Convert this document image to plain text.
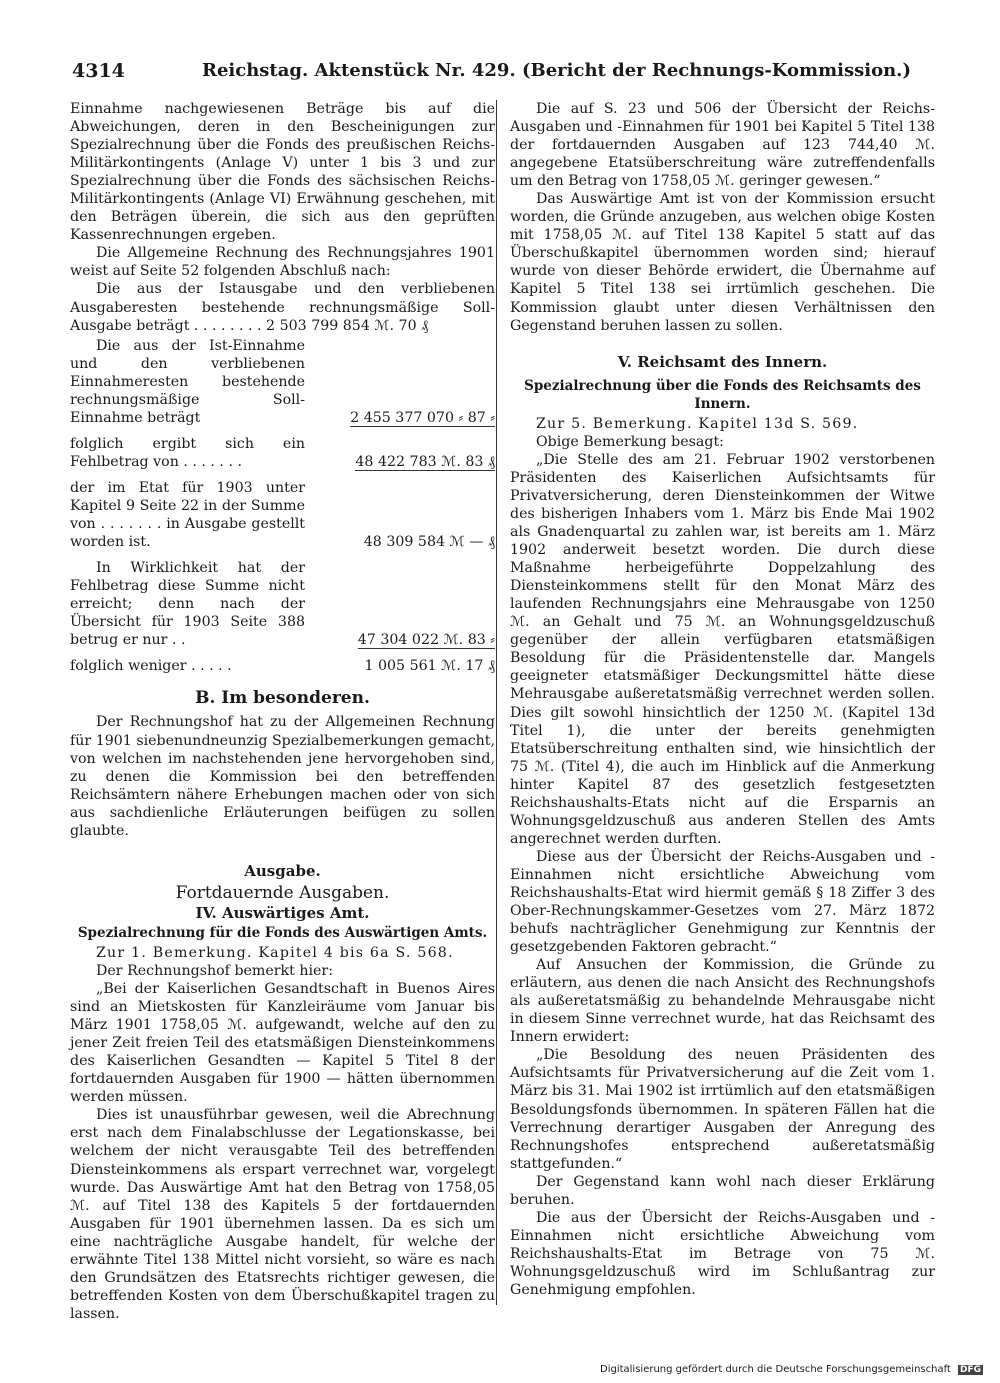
4314	Reichstag. Aktenstück Nr. 429. (Bericht der Rechnungs-Kommission.)

Einnahme nachgewiesenen Beträge bis auf die Abweichungen, deren in den Bescheinigungen zur Spezialrechnung über die Fonds des preußischen Reichs-Militärkontingents (Anlage V) unter 1 bis 3 und zur Spezialrechnung über die Fonds des sächsischen Reichs-Militärkontingents (Anlage VI) Erwähnung geschehen, mit den Beträgen überein, die sich aus den geprüften Kassenrechnungen ergeben.

Die Allgemeine Rechnung des Rechnungsjahres 1901 weist auf Seite 52 folgenden Abschluß nach:

Die aus der Istausgabe und den verbliebenen Ausgaberesten bestehende rechnungsmäßige Soll-Ausgabe beträgt . . . . . . . . 2 503 799 854 ℳ. 70 ₰

Die aus der Ist-Einnahme und den verbliebenen Einnahmeresten bestehende rechnungsmäßige Soll-Einnahme beträgt	2 455 377 070 ⸗ 87 ⸗

folglich ergibt sich ein Fehlbetrag von . . . . . . .	48 422 783 ℳ. 83 ₰

der im Etat für 1903 unter Kapitel 9 Seite 22 in der Summe von . . . . . . . in Ausgabe gestellt worden ist.	48 309 584 ℳ — ₰

In Wirklichkeit hat der Fehlbetrag diese Summe nicht erreicht; denn nach der Übersicht für 1903 Seite 388 betrug er nur . .	47 304 022 ℳ. 83 ⸗

folglich weniger . . . . .	1 005 561 ℳ. 17 ₰

B. Im besonderen.

Der Rechnungshof hat zu der Allgemeinen Rechnung für 1901 siebenundneunzig Spezialbemerkungen gemacht, von welchen im nachstehenden jene hervorgehoben sind, zu denen die Kommission bei den betreffenden Reichsämtern nähere Erhebungen machen oder von sich aus sachdienliche Erläuterungen beifügen zu sollen glaubte.

Ausgabe.

Fortdauernde Ausgaben.

IV. Auswärtiges Amt.

Spezialrechnung für die Fonds des Auswärtigen Amts.

Zur 1. Bemerkung. Kapitel 4 bis 6a S. 568.

Der Rechnungshof bemerkt hier:

„Bei der Kaiserlichen Gesandtschaft in Buenos Aires sind an Mietskosten für Kanzleiräume vom Januar bis März 1901 1758,05 ℳ. aufgewandt, welche auf den zu jener Zeit freien Teil des etatsmäßigen Diensteinkommens des Kaiserlichen Gesandten — Kapitel 5 Titel 8 der fortdauernden Ausgaben für 1900 — hätten übernommen werden müssen.

Dies ist unausführbar gewesen, weil die Abrechnung erst nach dem Finalabschlusse der Legationskasse, bei welchem der nicht verausgabte Teil des betreffenden Diensteinkommens als erspart verrechnet war, vorgelegt wurde. Das Auswärtige Amt hat den Betrag von 1758,05 ℳ. auf Titel 138 des Kapitels 5 der fortdauernden Ausgaben für 1901 übernehmen lassen. Da es sich um eine nachträgliche Ausgabe handelt, für welche der erwähnte Titel 138 Mittel nicht vorsieht, so wäre es nach den Grundsätzen des Etatsrechts richtiger gewesen, die betreffenden Kosten von dem Überschußkapitel tragen zu lassen.

Die auf S. 23 und 506 der Übersicht der Reichs-Ausgaben und -Einnahmen für 1901 bei Kapitel 5 Titel 138 der fortdauernden Ausgaben auf 123 744,40 ℳ. angegebene Etatsüberschreitung wäre zutreffendenfalls um den Betrag von 1758,05 ℳ. geringer gewesen.“

Das Auswärtige Amt ist von der Kommission ersucht worden, die Gründe anzugeben, aus welchen obige Kosten mit 1758,05 ℳ. auf Titel 138 Kapitel 5 statt auf das Überschußkapitel übernommen worden sind; hierauf wurde von dieser Behörde erwidert, die Übernahme auf Kapitel 5 Titel 138 sei irrtümlich geschehen. Die Kommission glaubt unter diesen Verhältnissen den Gegenstand beruhen lassen zu sollen.

V. Reichsamt des Innern.

Spezialrechnung über die Fonds des Reichsamts des Innern.

Zur 5. Bemerkung. Kapitel 13d S. 569.

Obige Bemerkung besagt:

„Die Stelle des am 21. Februar 1902 verstorbenen Präsidenten des Kaiserlichen Aufsichtsamts für Privatversicherung, deren Diensteinkommen der Witwe des bisherigen Inhabers vom 1. März bis Ende Mai 1902 als Gnadenquartal zu zahlen war, ist bereits am 1. März 1902 anderweit besetzt worden. Die durch diese Maßnahme herbeigeführte Doppelzahlung des Diensteinkommens stellt für den Monat März des laufenden Rechnungsjahrs eine Mehrausgabe von 1250 ℳ. an Gehalt und 75 ℳ. an Wohnungsgeldzuschuß gegenüber der allein verfügbaren etatsmäßigen Besoldung für die Präsidentenstelle dar. Mangels geeigneter etatsmäßiger Deckungsmittel hätte diese Mehrausgabe außeretatsmäßig verrechnet werden sollen. Dies gilt sowohl hinsichtlich der 1250 ℳ. (Kapitel 13d Titel 1), die unter der bereits genehmigten Etatsüberschreitung enthalten sind, wie hinsichtlich der 75 ℳ. (Titel 4), die auch im Hinblick auf die Anmerkung hinter Kapitel 87 des gesetzlich festgesetzten Reichshaushalts-Etats nicht auf die Ersparnis an Wohnungsgeldzuschuß aus anderen Stellen des Amts angerechnet werden durften.

Diese aus der Übersicht der Reichs-Ausgaben und -Einnahmen nicht ersichtliche Abweichung vom Reichshaushalts-Etat wird hiermit gemäß § 18 Ziffer 3 des Ober-Rechnungskammer-Gesetzes vom 27. März 1872 behufs nachträglicher Genehmigung zur Kenntnis der gesetzgebenden Faktoren gebracht.“

Auf Ansuchen der Kommission, die Gründe zu erläutern, aus denen die nach Ansicht des Rechnungshofs als außeretatsmäßig zu behandelnde Mehrausgabe nicht in diesem Sinne verrechnet wurde, hat das Reichsamt des Innern erwidert:

„Die Besoldung des neuen Präsidenten des Aufsichtsamts für Privatversicherung auf die Zeit vom 1. März bis 31. Mai 1902 ist irrtümlich auf den etatsmäßigen Besoldungsfonds übernommen. In späteren Fällen hat die Verrechnung derartiger Ausgaben der Anregung des Rechnungshofes entsprechend außeretatsmäßig stattgefunden.“

Der Gegenstand kann wohl nach dieser Erklärung beruhen.

Die aus der Übersicht der Reichs-Ausgaben und -Einnahmen nicht ersichtliche Abweichung vom Reichshaushalts-Etat im Betrage von 75 ℳ. Wohnungsgeldzuschuß wird im Schlußantrag zur Genehmigung empfohlen.

Digitalisierung gefördert durch die Deutsche Forschungsgemeinschaft DFG
